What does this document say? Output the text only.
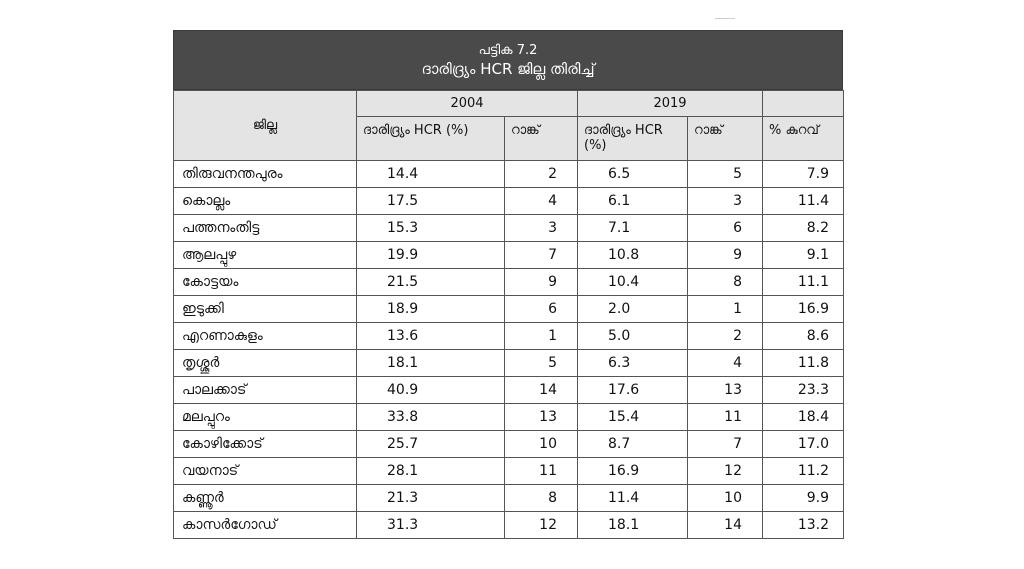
പട്ടിക 7.2
ദാരിദ്ര്യം HCR ജില്ല തിരിച്ച്
ജില്ല	2004		2019		
	ദാരിദ്ര്യം HCR (%)	റാങ്ക്	ദാരിദ്ര്യം HCR (%)	റാങ്ക്	% കുറവ്
തിരുവനന്തപുരം	14.4	2	6.5	5	7.9
കൊല്ലം	17.5	4	6.1	3	11.4
പത്തനംതിട്ട	15.3	3	7.1	6	8.2
ആലപ്പുഴ	19.9	7	10.8	9	9.1
കോട്ടയം	21.5	9	10.4	8	11.1
ഇടുക്കി	18.9	6	2.0	1	16.9
എറണാകുളം	13.6	1	5.0	2	8.6
തൃശ്ശൂർ	18.1	5	6.3	4	11.8
പാലക്കാട്	40.9	14	17.6	13	23.3
മലപ്പുറം	33.8	13	15.4	11	18.4
കോഴിക്കോട്	25.7	10	8.7	7	17.0
വയനാട്	28.1	11	16.9	12	11.2
കണ്ണൂർ	21.3	8	11.4	10	9.9
കാസർഗോഡ്	31.3	12	18.1	14	13.2
